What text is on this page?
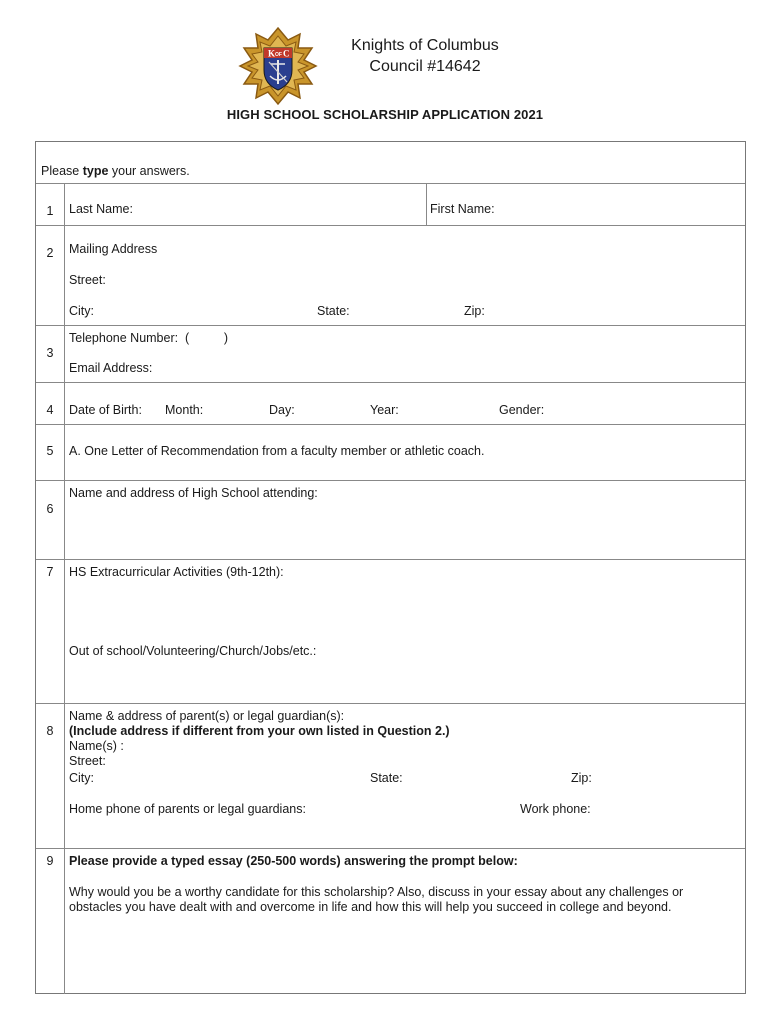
K OF C	Knights of Columbus
Council #14642
HIGH SCHOOL SCHOLARSHIP APPLICATION 2021
Please type your answers.
1	Last Name:	First Name:
2	Mailing Address
Street:
City:	State:	Zip:
3
Telephone Number:  (          )
Email Address:
4	Date of Birth: Month:	Day:	Year:	Gender:
5	A. One Letter of Recommendation from a faculty member or athletic coach.
6
Name and address of High School attending:
7	HS Extracurricular Activities (9th-12th):
Out of school/Volunteering/Church/Jobs/etc.:
8
Name & address of parent(s) or legal guardian(s):
(Include address if different from your own listed in Question 2.)
Name(s) :
Street:
City:	State:	Zip:
Home phone of parents or legal guardians:	Work phone:
9	Please provide a typed essay (250-500 words) answering the prompt below:
Why would you be a worthy candidate for this scholarship? Also, discuss in your essay about any challenges or obstacles you have dealt with and overcome in life and how this will help you succeed in college and beyond.
